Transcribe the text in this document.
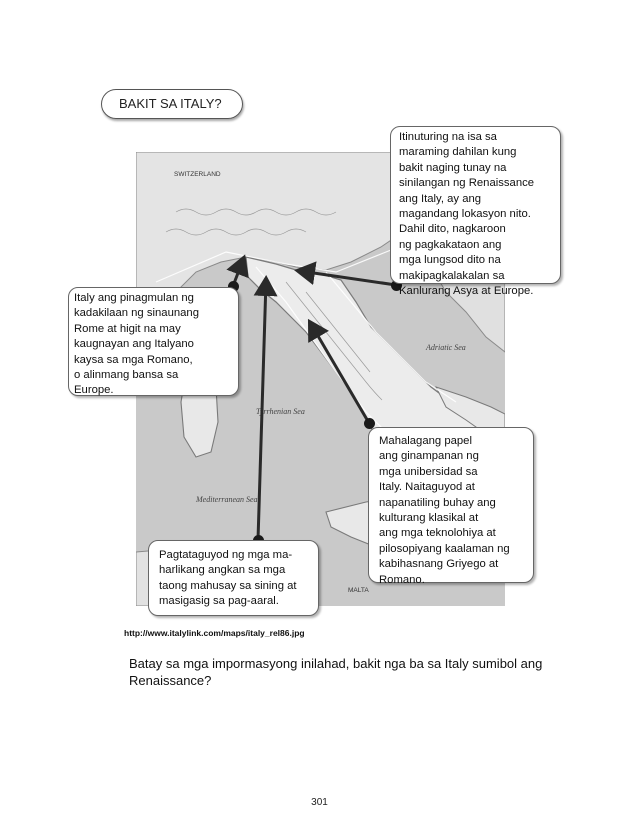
BAKIT SA ITALY?
Adriatic Sea
Tyrrhenian Sea
Mediterranean Sea
SWITZERLAND
MALTA
Itinuturing na isa sa
maraming dahilan kung
bakit naging tunay na
sinilangan ng Renaissance
ang Italy, ay ang
magandang lokasyon nito.
Dahil dito, nagkaroon
ng pagkakataon ang
mga lungsod dito na
makipagkalakalan sa
Kanlurang Asya at Europe.
Italy ang pinagmulan ng
kadakilaan ng sinaunang
Rome at higit na may
kaugnayan ang Italyano
kaysa sa mga Romano,
o alinmang bansa sa
Europe.
Mahalagang papel
ang ginampanan ng
mga unibersidad sa
Italy. Naitaguyod at
napanatiling buhay ang
kulturang klasikal at
ang mga teknolohiya at
pilosopiyang kaalaman ng
kabihasnang Griyego at
Romano.
Pagtataguyod ng mga ma-
harlikang angkan sa mga
taong mahusay sa sining at
masigasig sa pag-aaral.
http://www.italylink.com/maps/italy_rel86.jpg
Batay sa mga impormasyong inilahad, bakit nga ba sa Italy sumibol ang Renaissance?
301
